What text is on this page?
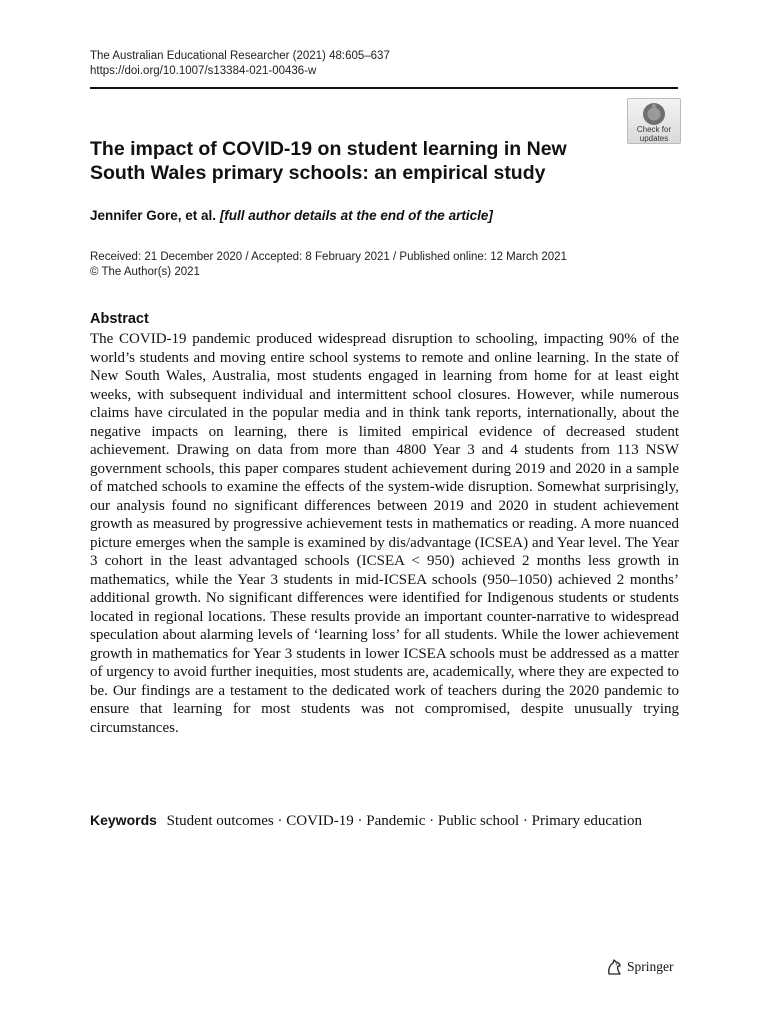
The Australian Educational Researcher (2021) 48:605–637
https://doi.org/10.1007/s13384-021-00436-w
Check for
updates
The impact of COVID-19 on student learning in New South Wales primary schools: an empirical study
Jennifer Gore, et al. [full author details at the end of the article]
Received: 21 December 2020 / Accepted: 8 February 2021 / Published online: 12 March 2021
© The Author(s) 2021
Abstract

The COVID-19 pandemic produced widespread disruption to schooling, impacting 90% of the world’s students and moving entire school systems to remote and online learning. In the state of New South Wales, Australia, most students engaged in learning from home for at least eight weeks, with subsequent individual and intermittent school closures. However, while numerous claims have circulated in the popular media and in think tank reports, internationally, about the negative impacts on learning, there is limited empirical evidence of decreased student achievement. Drawing on data from more than 4800 Year 3 and 4 students from 113 NSW government schools, this paper compares student achievement during 2019 and 2020 in a sample of matched schools to examine the effects of the system-wide disruption. Somewhat surprisingly, our analysis found no significant differences between 2019 and 2020 in student achievement growth as measured by progressive achievement tests in mathematics or reading. A more nuanced picture emerges when the sample is examined by dis/advantage (ICSEA) and Year level. The Year 3 cohort in the least advantaged schools (ICSEA < 950) achieved 2 months less growth in mathematics, while the Year 3 students in mid-ICSEA schools (950–1050) achieved 2 months’ additional growth. No significant differences were identified for Indigenous students or students located in regional locations. These results provide an important counter-narrative to widespread speculation about alarming levels of ‘learning loss’ for all students. While the lower achievement growth in mathematics for Year 3 students in lower ICSEA schools must be addressed as a matter of urgency to avoid further inequities, most students are, academically, where they are expected to be. Our findings are a testament to the dedicated work of teachers during the 2020 pandemic to ensure that learning for most students was not compromised, despite unusually trying circumstances.

Keywords Student outcomes · COVID-19 · Pandemic · Public school · Primary education
Springer
